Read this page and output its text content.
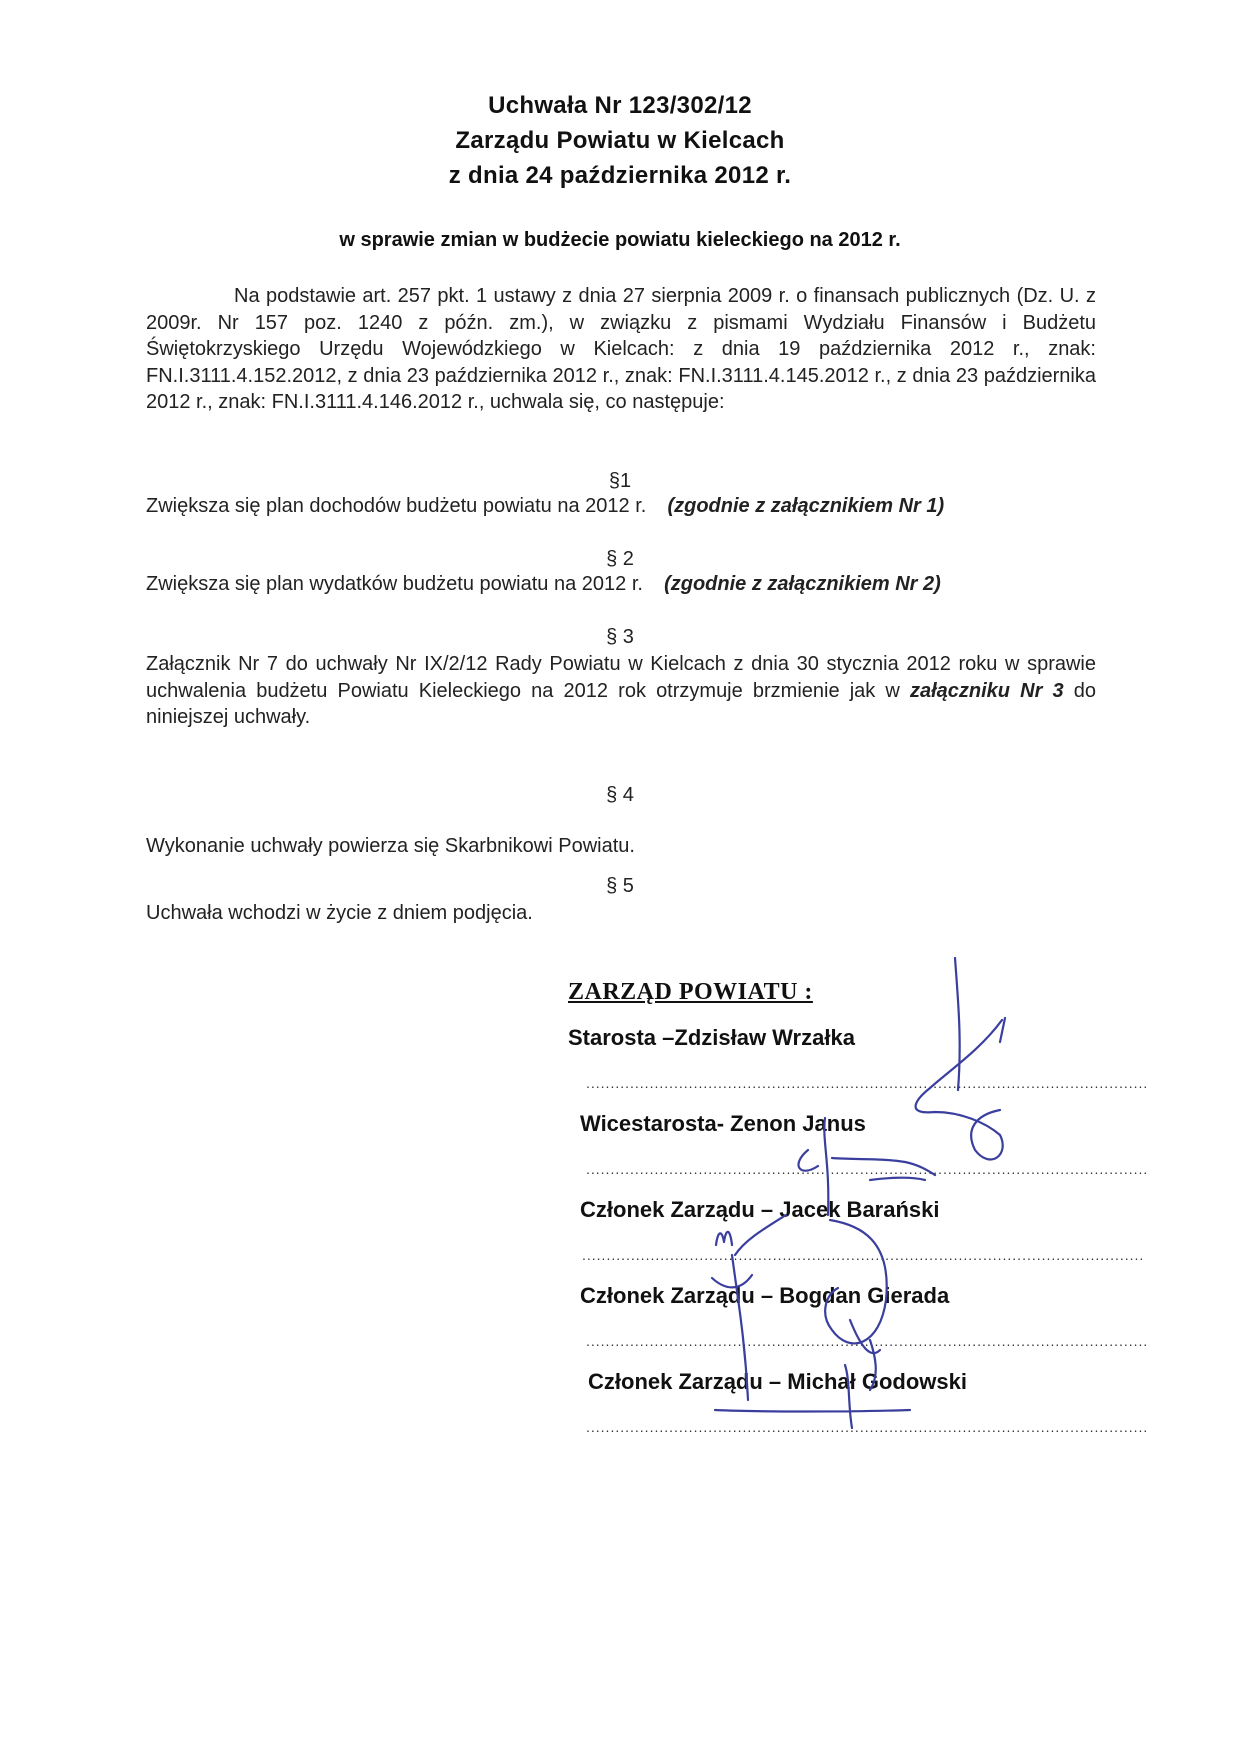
Uchwała Nr 123/302/12
Zarządu Powiatu w Kielcach
z dnia 24 października 2012 r.
w sprawie zmian w budżecie powiatu kieleckiego na 2012 r.
Na podstawie art. 257 pkt. 1 ustawy z dnia 27 sierpnia 2009 r. o finansach publicznych (Dz. U. z 2009r. Nr 157 poz. 1240 z późn. zm.), w związku z pismami Wydziału Finansów i Budżetu Świętokrzyskiego Urzędu Wojewódzkiego w Kielcach: z dnia 19 października 2012 r., znak: FN.I.3111.4.152.2012, z dnia 23 października 2012 r., znak: FN.I.3111.4.145.2012 r., z dnia 23 października 2012 r., znak: FN.I.3111.4.146.2012 r., uchwala się, co następuje:
§1
Zwiększa się plan dochodów budżetu powiatu na 2012 r. (zgodnie z załącznikiem Nr 1)
§ 2
Zwiększa się plan wydatków budżetu powiatu na 2012 r. (zgodnie z załącznikiem Nr 2)
§ 3
Załącznik Nr 7 do uchwały Nr IX/2/12 Rady Powiatu w Kielcach z dnia 30 stycznia 2012 roku w sprawie uchwalenia budżetu Powiatu Kieleckiego na 2012 rok otrzymuje brzmienie jak w załączniku Nr 3 do niniejszej uchwały.
§ 4
Wykonanie uchwały powierza się Skarbnikowi Powiatu.
§ 5
Uchwała wchodzi w życie z dniem podjęcia.
ZARZĄD POWIATU :
Starosta –Zdzisław Wrzałka
...................................................................................................................
Wicestarosta- Zenon Janus
...................................................................................................................
Członek Zarządu – Jacek Barański
...................................................................................................................
Członek Zarządu – Bogdan Gierada
...................................................................................................................
Członek Zarządu – Michał Godowski
...................................................................................................................
